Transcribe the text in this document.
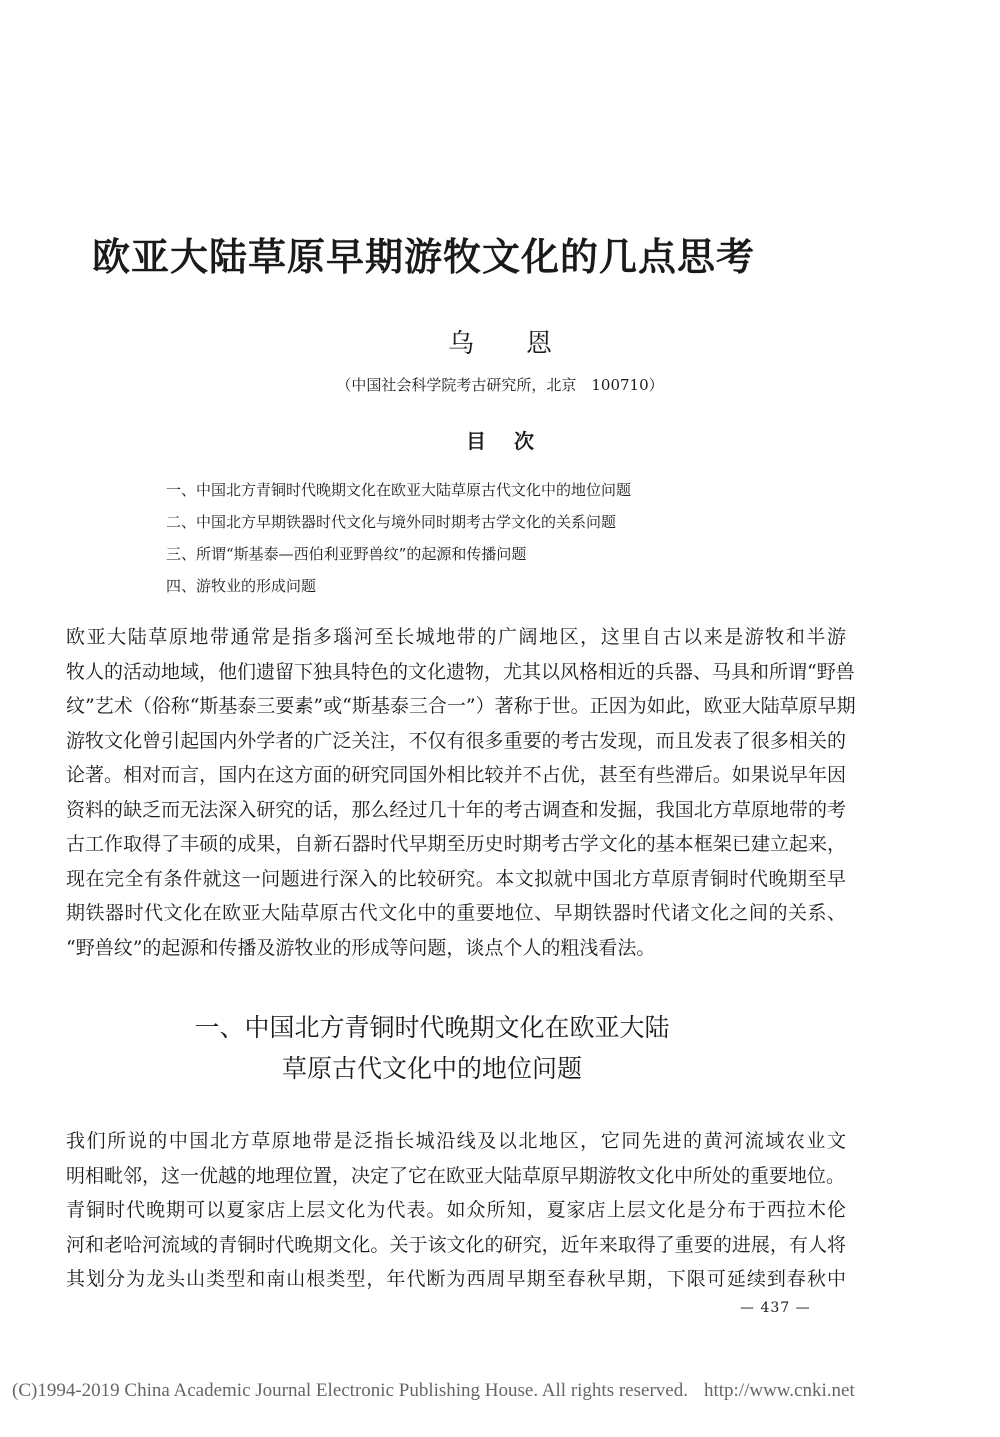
欧亚大陆草原早期游牧文化的几点思考
乌 恩
（中国社会科学院考古研究所，北京　100710）
目次
一、中国北方青铜时代晚期文化在欧亚大陆草原古代文化中的地位问题
二、中国北方早期铁器时代文化与境外同时期考古学文化的关系问题
三、所谓“斯基泰—西伯利亚野兽纹”的起源和传播问题
四、游牧业的形成问题
欧亚大陆草原地带通常是指多瑙河至长城地带的广阔地区，这里自古以来是游牧和半游
牧人的活动地域，他们遗留下独具特色的文化遗物，尤其以风格相近的兵器、马具和所谓“野兽
纹”艺术（俗称“斯基泰三要素”或“斯基泰三合一”）著称于世。正因为如此，欧亚大陆草原早期
游牧文化曾引起国内外学者的广泛关注，不仅有很多重要的考古发现，而且发表了很多相关的
论著。相对而言，国内在这方面的研究同国外相比较并不占优，甚至有些滞后。如果说早年因
资料的缺乏而无法深入研究的话，那么经过几十年的考古调查和发掘，我国北方草原地带的考
古工作取得了丰硕的成果，自新石器时代早期至历史时期考古学文化的基本框架已建立起来，
现在完全有条件就这一问题进行深入的比较研究。本文拟就中国北方草原青铜时代晚期至早
期铁器时代文化在欧亚大陆草原古代文化中的重要地位、早期铁器时代诸文化之间的关系、
“野兽纹”的起源和传播及游牧业的形成等问题，谈点个人的粗浅看法。
一、中国北方青铜时代晚期文化在欧亚大陆
草原古代文化中的地位问题
我们所说的中国北方草原地带是泛指长城沿线及以北地区，它同先进的黄河流域农业文
明相毗邻，这一优越的地理位置，决定了它在欧亚大陆草原早期游牧文化中所处的重要地位。
青铜时代晚期可以夏家店上层文化为代表。如众所知，夏家店上层文化是分布于西拉木伦
河和老哈河流域的青铜时代晚期文化。关于该文化的研究，近年来取得了重要的进展，有人将
其划分为龙头山类型和南山根类型，年代断为西周早期至春秋早期，下限可延续到春秋中
— 437 —
(C)1994-2019 China Academic Journal Electronic Publishing House. All rights reserved. http://www.cnki.net
